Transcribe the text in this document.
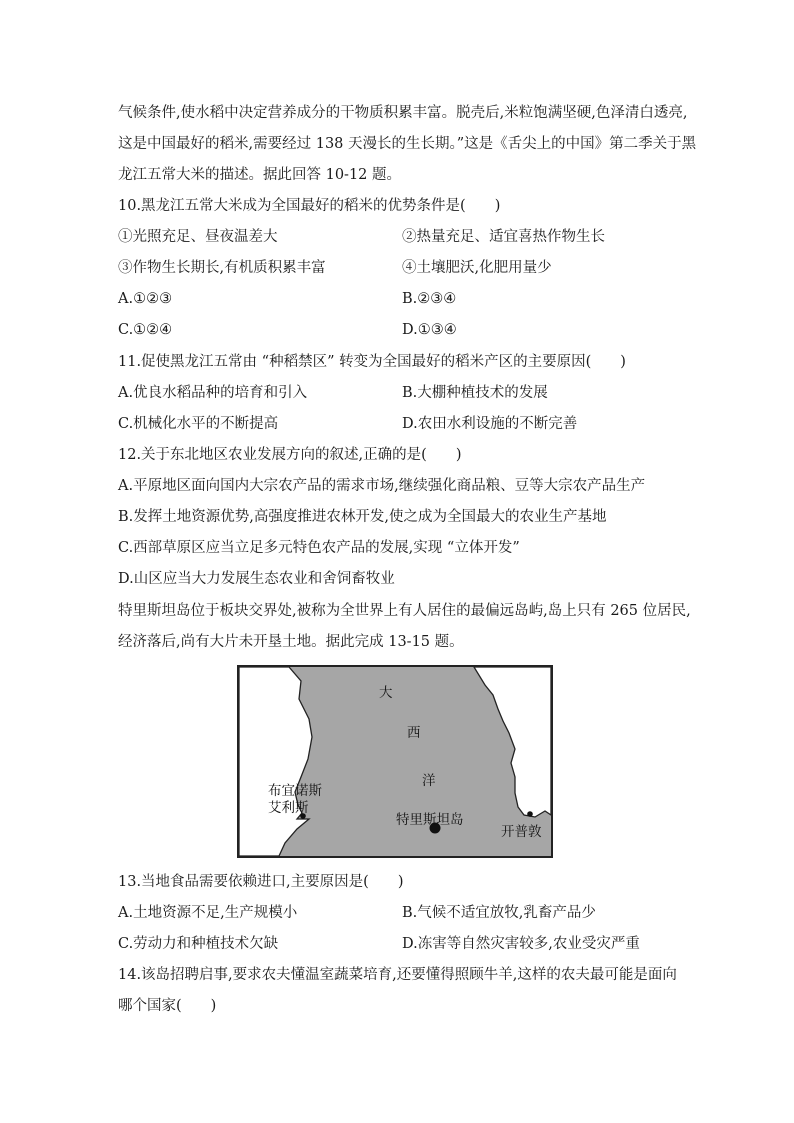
气候条件,使水稻中决定营养成分的干物质积累丰富。脱壳后,米粒饱满坚硬,色泽清白透亮,
这是中国最好的稻米,需要经过 138 天漫长的生长期。”这是《舌尖上的中国》第二季关于黑
龙江五常大米的描述。据此回答 10-12 题。
10.黑龙江五常大米成为全国最好的稻米的优势条件是(　　)
①光照充足、昼夜温差大	②热量充足、适宜喜热作物生长
③作物生长期长,有机质积累丰富	④土壤肥沃,化肥用量少
A.①②③	B.②③④
C.①②④	D.①③④
11.促使黑龙江五常由 “种稻禁区” 转变为全国最好的稻米产区的主要原因(　　)
A.优良水稻品种的培育和引入	B.大棚种植技术的发展
C.机械化水平的不断提高	D.农田水利设施的不断完善
12.关于东北地区农业发展方向的叙述,正确的是(　　)
A.平原地区面向国内大宗农产品的需求市场,继续强化商品粮、豆等大宗农产品生产
B.发挥土地资源优势,高强度推进农林开发,使之成为全国最大的农业生产基地
C.西部草原区应当立足多元特色农产品的发展,实现 “立体开发”
D.山区应当大力发展生态农业和舍饲畜牧业
特里斯坦岛位于板块交界处,被称为全世界上有人居住的最偏远岛屿,岛上只有 265 位居民,
经济落后,尚有大片未开垦土地。据此完成 13-15 题。
大
西
洋
布宜诺斯
艾利斯
特里斯坦岛
开普敦
13.当地食品需要依赖进口,主要原因是(　　)
A.土地资源不足,生产规模小	B.气候不适宜放牧,乳畜产品少
C.劳动力和种植技术欠缺	D.冻害等自然灾害较多,农业受灾严重
14.该岛招聘启事,要求农夫懂温室蔬菜培育,还要懂得照顾牛羊,这样的农夫最可能是面向
哪个国家(　　)
